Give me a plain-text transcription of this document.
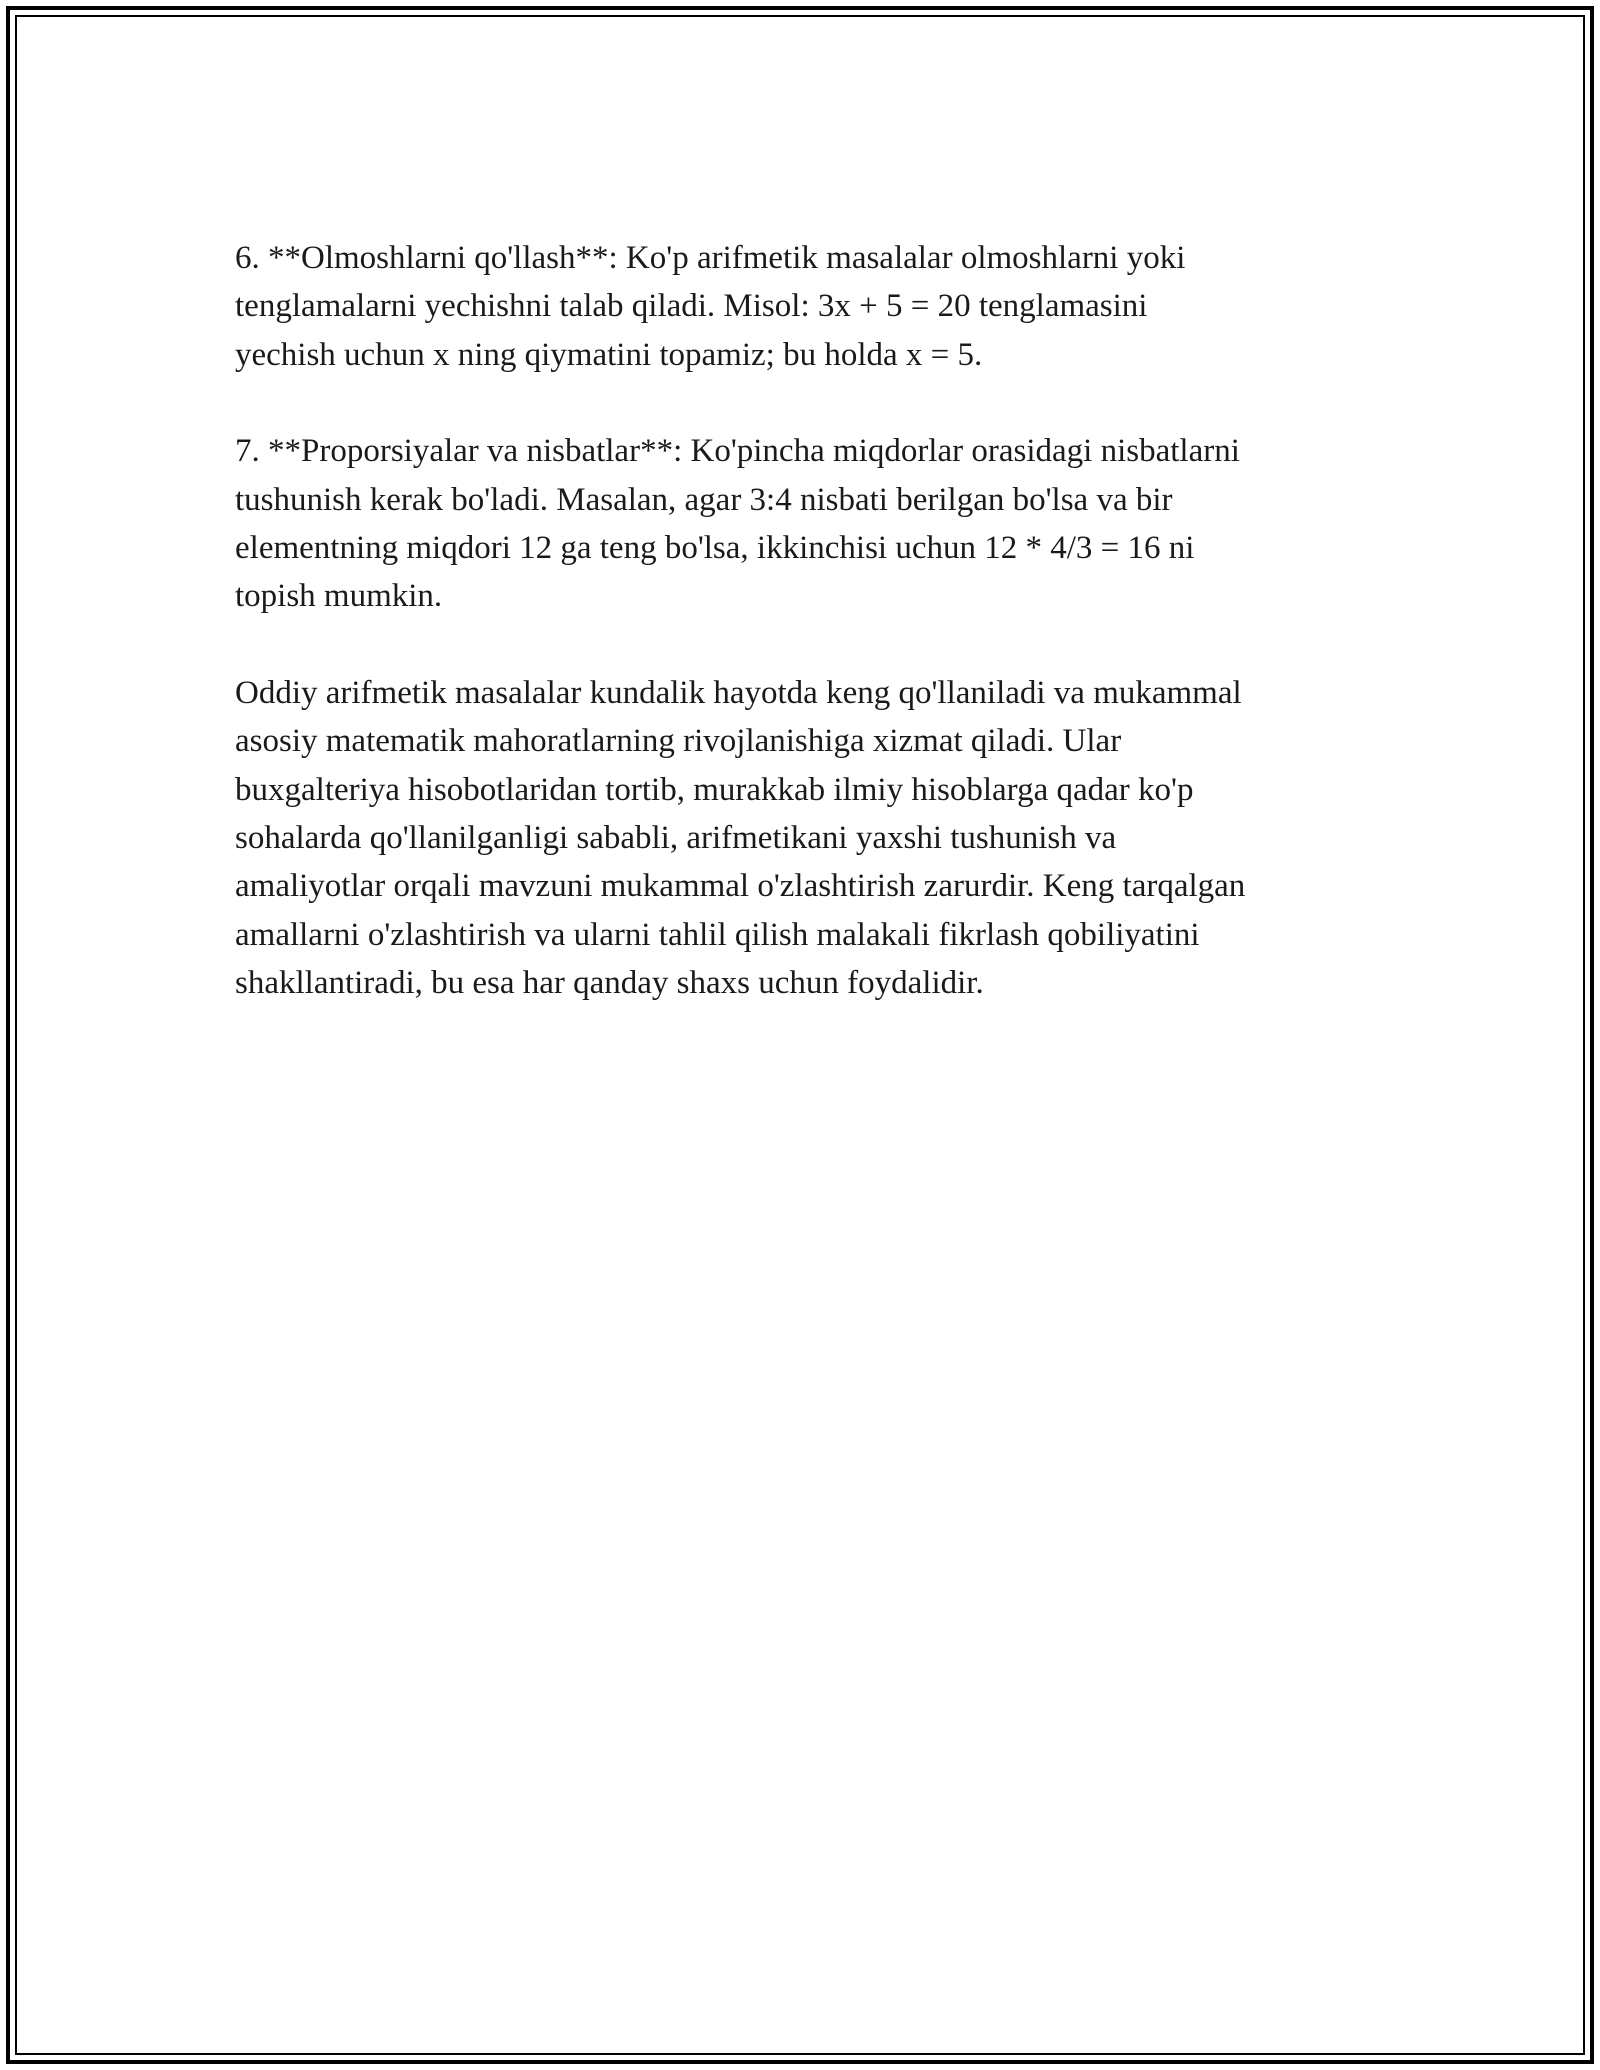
6. **Olmoshlarni qo'llash**: Ko'p arifmetik masalalar olmoshlarni yoki
tenglamalarni yechishni talab qiladi. Misol: 3x + 5 = 20 tenglamasini
yechish uchun x ning qiymatini topamiz; bu holda x = 5.

7. **Proporsiyalar va nisbatlar**: Ko'pincha miqdorlar orasidagi nisbatlarni
tushunish kerak bo'ladi. Masalan, agar 3:4 nisbati berilgan bo'lsa va bir
elementning miqdori 12 ga teng bo'lsa, ikkinchisi uchun 12 * 4/3 = 16 ni
topish mumkin.

Oddiy arifmetik masalalar kundalik hayotda keng qo'llaniladi va mukammal
asosiy matematik mahoratlarning rivojlanishiga xizmat qiladi. Ular
buxgalteriya hisobotlaridan tortib, murakkab ilmiy hisoblarga qadar ko'p
sohalarda qo'llanilganligi sababli, arifmetikani yaxshi tushunish va
amaliyotlar orqali mavzuni mukammal o'zlashtirish zarurdir. Keng tarqalgan
amallarni o'zlashtirish va ularni tahlil qilish malakali fikrlash qobiliyatini
shakllantiradi, bu esa har qanday shaxs uchun foydalidir.
